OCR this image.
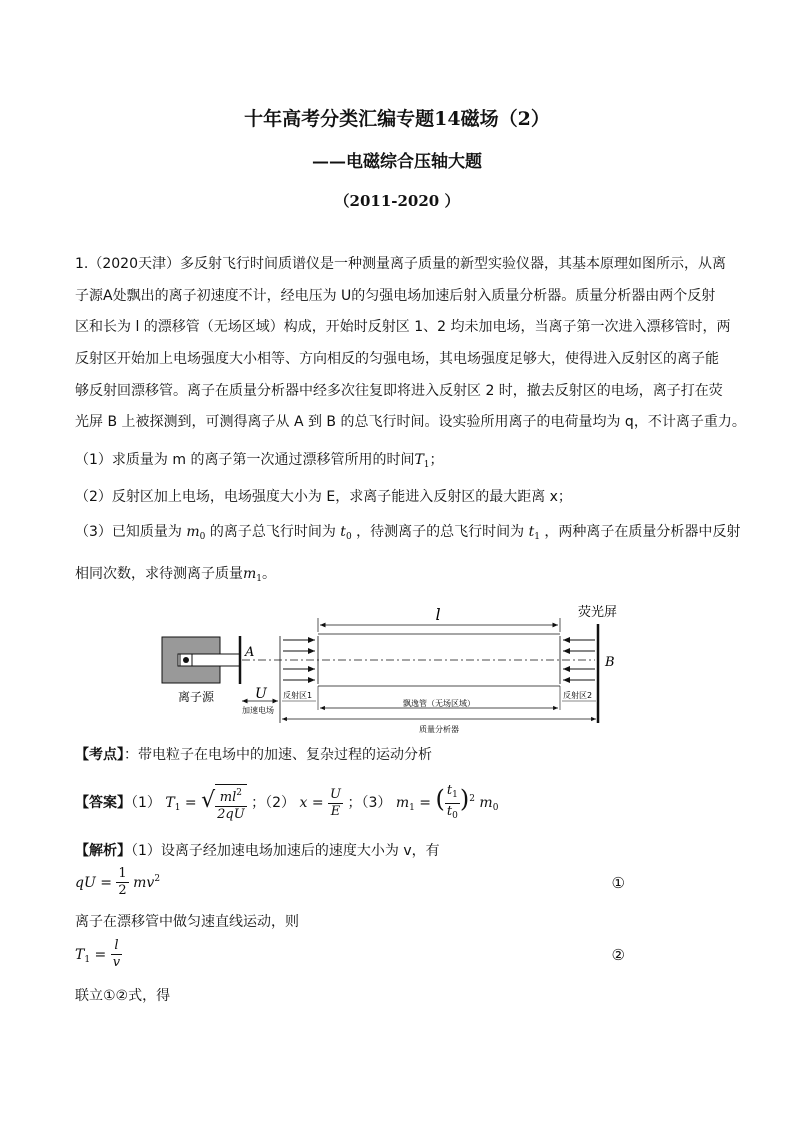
十年高考分类汇编专题14磁场（2）
——电磁综合压轴大题
（2011-2020 ）
1.（2020天津）多反射飞行时间质谱仪是一种测量离子质量的新型实验仪器，其基本原理如图所示，从离
子源A处飘出的离子初速度不计，经电压为 U的匀强电场加速后射入质量分析器。质量分析器由两个反射
区和长为 l 的漂移管（无场区域）构成，开始时反射区 1、2 均未加电场，当离子第一次进入漂移管时，两
反射区开始加上电场强度大小相等、方向相反的匀强电场，其电场强度足够大，使得进入反射区的离子能
够反射回漂移管。离子在质量分析器中经多次往复即将进入反射区 2 时，撤去反射区的电场，离子打在荧
光屏 B 上被探测到，可测得离子从 A 到 B 的总飞行时间。设实验所用离子的电荷量均为 q，不计离子重力。
（1）求质量为 m 的离子第一次通过漂移管所用的时间$T_1$；
（2）反射区加上电场，电场强度大小为 E，求离子能进入反射区的最大距离 x；
（3）已知质量为 $m_0$ 的离子总飞行时间为 $t_0$ ，待测离子的总飞行时间为 $t_1$ ，两种离子在质量分析器中反射
相同次数，求待测离子质量$m_1$。
l	荧光屏
A
B
U
离子源	反射区1	反射区2
加速电场
飘逸管（无场区域）
质量分析器
【考点】：带电粒子在电场中的加速、复杂过程的运动分析
【答案】（1） $T_1$ = √ $\frac{ml^2}{2qU}$ ；（2） $x = \frac{U}{E}$ ；（3） $m_1$ = ( $\frac{t_1}{t_0} )^2$ $m_0$
【解析】（1）设离子经加速电场加速后的速度大小为 v，有
qU = $\frac{1}{2} mv^2$	①
离子在漂移管中做匀速直线运动，则
$T_1 = \frac{l}{v}$	②
联立①②式，得
